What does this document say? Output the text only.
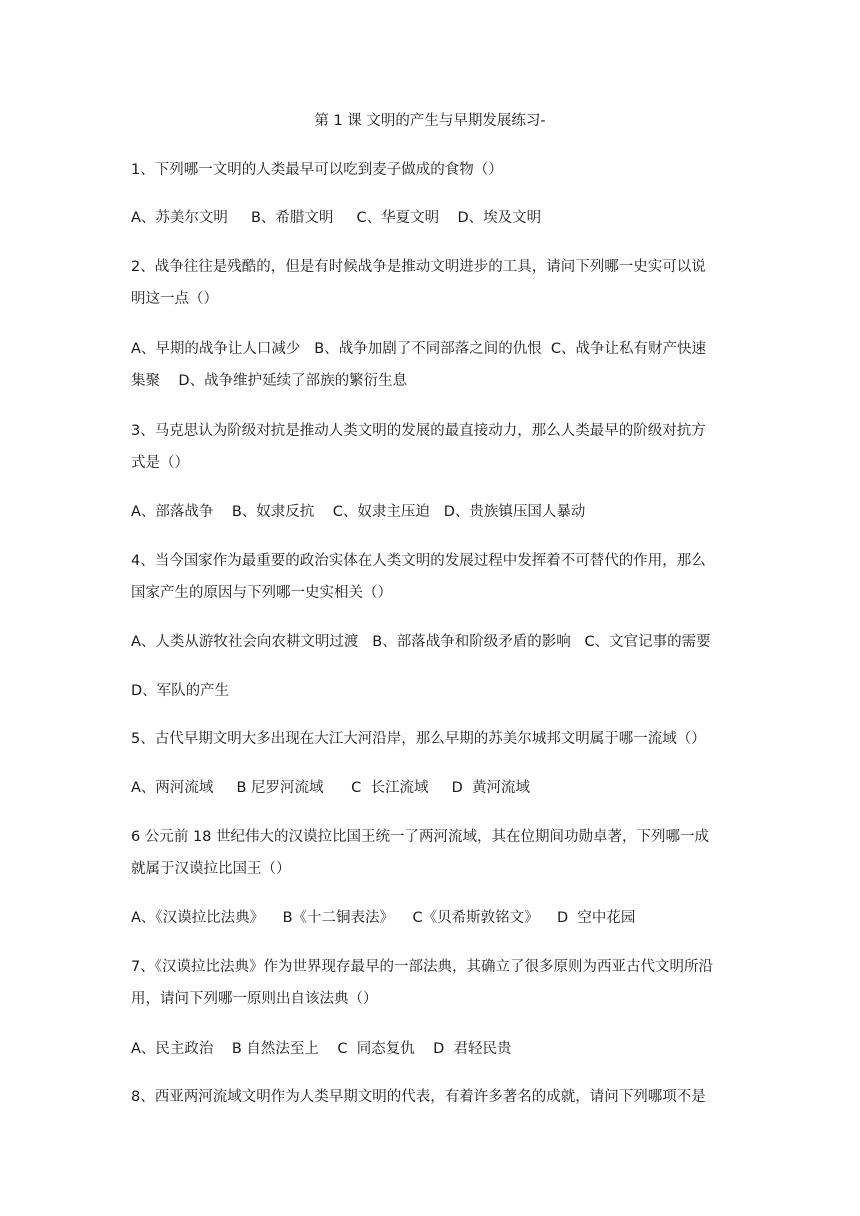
第 1 课 文明的产生与早期发展练习-
1、下列哪一文明的人类最早可以吃到麦子做成的食物（）
A、苏美尔文明     B、希腊文明     C、华夏文明    D、埃及文明
2、战争往往是残酷的，但是有时候战争是推动文明进步的工具，请问下列哪一史实可以说
明这一点（）
A、早期的战争让人口减少   B、战争加剧了不同部落之间的仇恨  C、战争让私有财产快速
集聚    D、战争维护延续了部族的繁衍生息
3、马克思认为阶级对抗是推动人类文明的发展的最直接动力，那么人类最早的阶级对抗方
式是（）
A、部落战争    B、奴隶反抗    C、奴隶主压迫   D、贵族镇压国人暴动
4、当今国家作为最重要的政治实体在人类文明的发展过程中发挥着不可替代的作用，那么
国家产生的原因与下列哪一史实相关（）
A、人类从游牧社会向农耕文明过渡   B、部落战争和阶级矛盾的影响   C、文官记事的需要
D、军队的产生
5、古代早期文明大多出现在大江大河沿岸，那么早期的苏美尔城邦文明属于哪一流域（）
A、两河流域     B 尼罗河流域      C  长江流域     D  黄河流域
6 公元前 18 世纪伟大的汉谟拉比国王统一了两河流域，其在位期间功勋卓著，下列哪一成
就属于汉谟拉比国王（）
A、《汉谟拉比法典》    B《十二铜表法》    C《贝希斯敦铭文》    D  空中花园
7、《汉谟拉比法典》作为世界现存最早的一部法典，其确立了很多原则为西亚古代文明所沿
用，请问下列哪一原则出自该法典（）
A、民主政治    B 自然法至上    C  同态复仇    D  君轻民贵
8、西亚两河流域文明作为人类早期文明的代表，有着许多著名的成就，请问下列哪项不是
